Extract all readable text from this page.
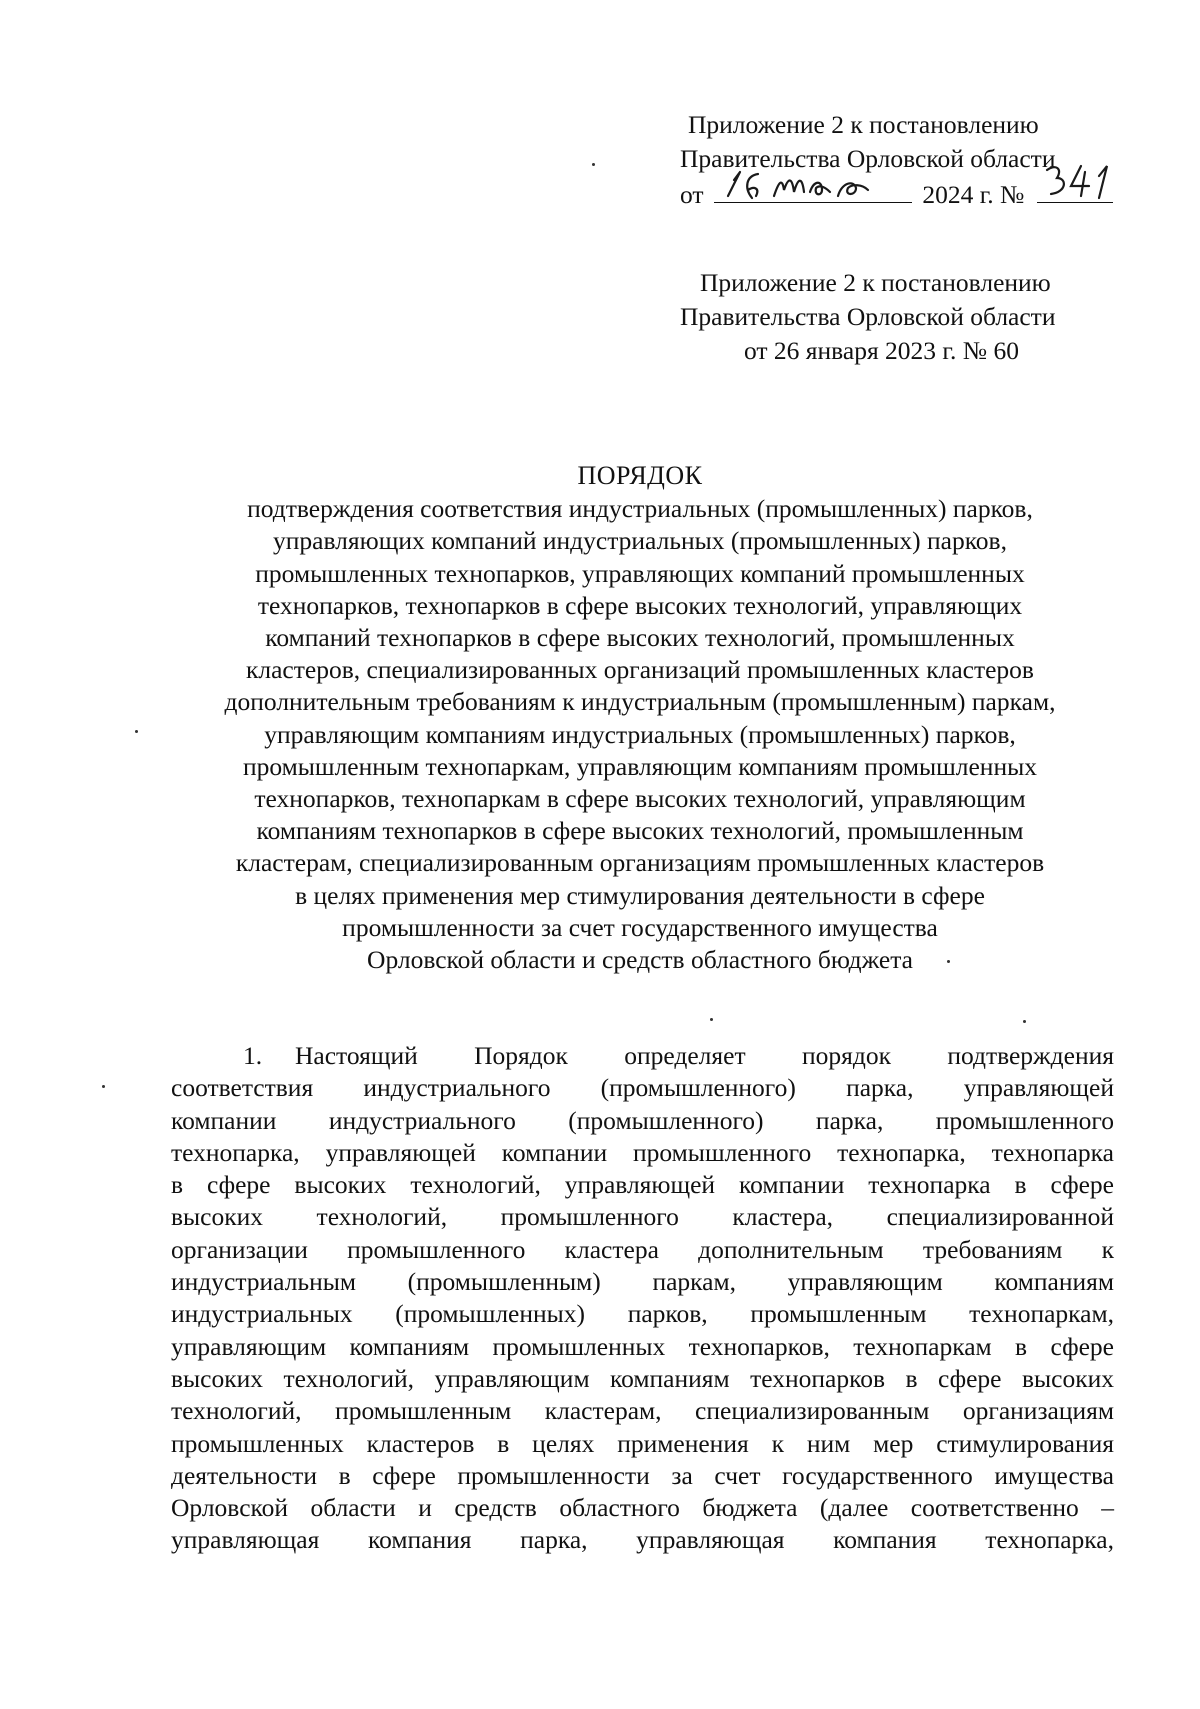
Приложение 2 к постановлению
Правительства Орловской области
от	2024 г. №
Приложение 2 к постановлению
Правительства Орловской области
от 26 января 2023 г. № 60
ПОРЯДОК
подтверждения соответствия индустриальных (промышленных) парков,
управляющих компаний индустриальных (промышленных) парков,
промышленных технопарков, управляющих компаний промышленных
технопарков, технопарков в сфере высоких технологий, управляющих
компаний технопарков в сфере высоких технологий, промышленных
кластеров, специализированных организаций промышленных кластеров
дополнительным требованиям к индустриальным (промышленным) паркам,
управляющим компаниям индустриальных (промышленных) парков,
промышленным технопаркам, управляющим компаниям промышленных
технопарков, технопаркам в сфере высоких технологий, управляющим
компаниям технопарков в сфере высоких технологий, промышленным
кластерам, специализированным организациям промышленных кластеров
в целях применения мер стимулирования деятельности в сфере
промышленности за счет государственного имущества
Орловской области и средств областного бюджета
1. Настоящий Порядок определяет порядок подтверждения
соответствия индустриального (промышленного) парка, управляющей
компании индустриального (промышленного) парка, промышленного
технопарка, управляющей компании промышленного технопарка, технопарка
в сфере высоких технологий, управляющей компании технопарка в сфере
высоких технологий, промышленного кластера, специализированной
организации промышленного кластера дополнительным требованиям к
индустриальным (промышленным) паркам, управляющим компаниям
индустриальных (промышленных) парков, промышленным технопаркам,
управляющим компаниям промышленных технопарков, технопаркам в сфере
высоких технологий, управляющим компаниям технопарков в сфере высоких
технологий, промышленным кластерам, специализированным организациям
промышленных кластеров в целях применения к ним мер стимулирования
деятельности в сфере промышленности за счет государственного имущества
Орловской области и средств областного бюджета (далее соответственно –
управляющая компания парка, управляющая компания технопарка,
